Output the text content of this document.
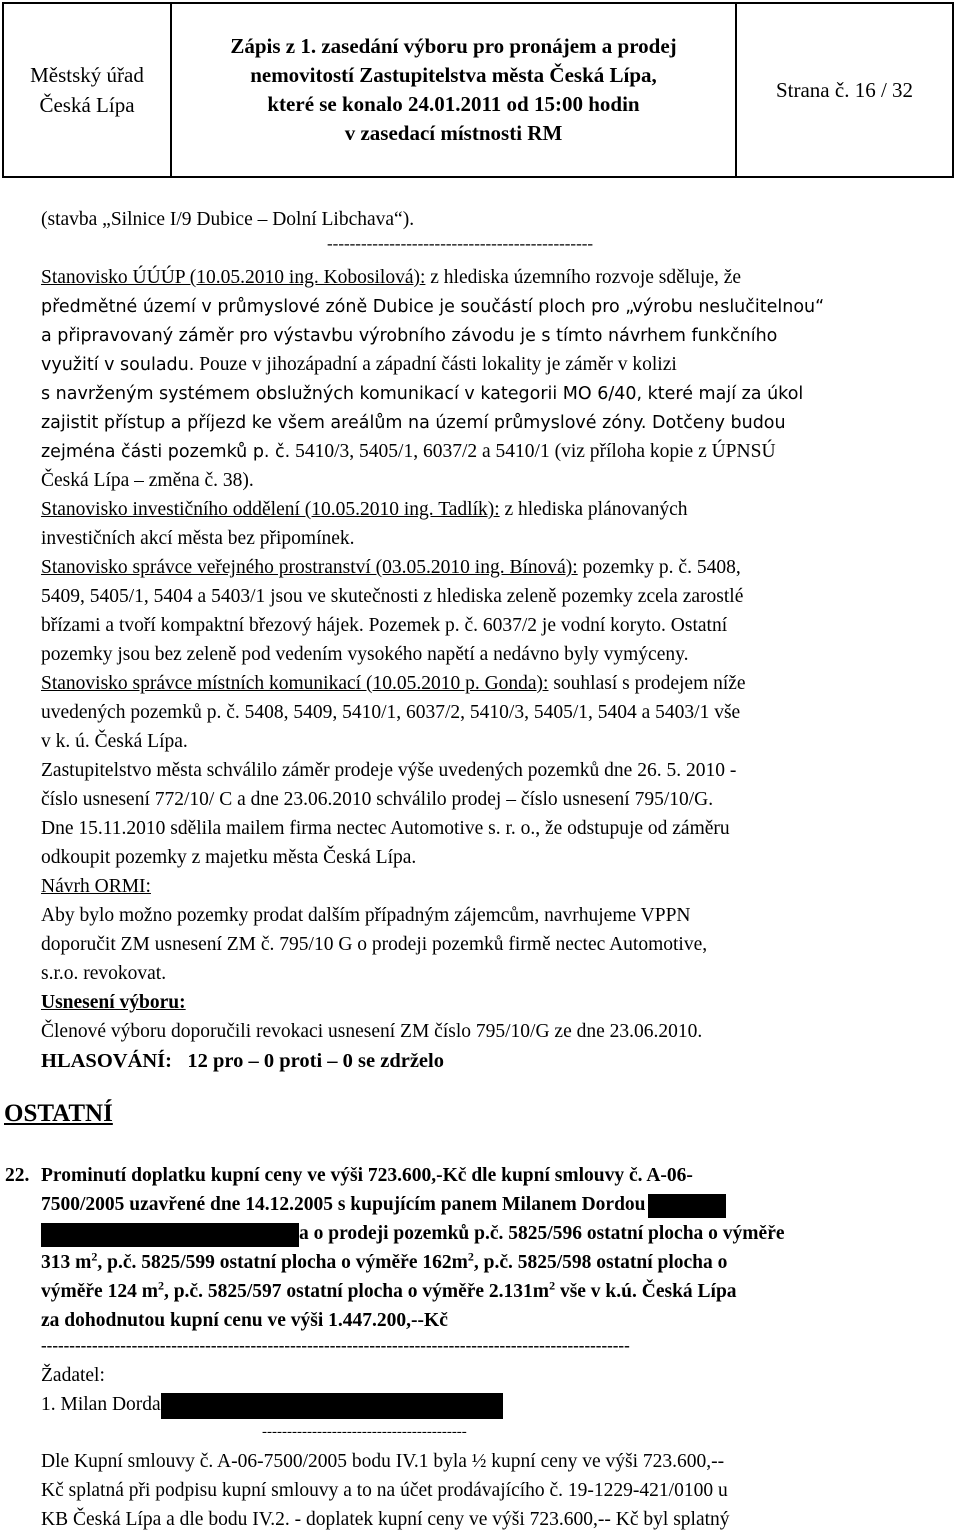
Městský úřad
Česká Lípa
Zápis z 1. zasedání výboru pro pronájem a prodej
nemovitostí Zastupitelstva města Česká Lípa,
které se konalo 24.01.2011 od 15:00 hodin
v zasedací místnosti RM
Strana č. 16 / 32
(stavba „Silnice I/9 Dubice – Dolní Libchava“).
-----------------------------------------------
Stanovisko ÚÚÚP (10.05.2010 ing. Kobosilová): z hlediska územního rozvoje sděluje, že
předmětné území v průmyslové zóně Dubice je součástí ploch pro „výrobu neslučitelnou“
a připravovaný záměr pro výstavbu výrobního závodu je s tímto návrhem funkčního
využití v souladu. Pouze v jihozápadní a západní části lokality je záměr v kolizi
s navrženým systémem obslužných komunikací v kategorii MO 6/40, které mají za úkol
zajistit přístup a příjezd ke všem areálům na území průmyslové zóny. Dotčeny budou
zejména části pozemků p. č. 5410/3, 5405/1, 6037/2 a 5410/1 (viz příloha kopie z ÚPNSÚ
Česká Lípa – změna č. 38).
Stanovisko investičního oddělení (10.05.2010 ing. Tadlík): z hlediska plánovaných
investičních akcí města bez připomínek.
Stanovisko správce veřejného prostranství (03.05.2010 ing. Bínová): pozemky p. č. 5408,
5409, 5405/1, 5404 a 5403/1 jsou ve skutečnosti z hlediska zeleně pozemky zcela zarostlé
břízami a tvoří kompaktní březový hájek. Pozemek p. č. 6037/2 je vodní koryto. Ostatní
pozemky jsou bez zeleně pod vedením vysokého napětí a nedávno byly vymýceny.
Stanovisko správce místních komunikací (10.05.2010 p. Gonda): souhlasí s prodejem níže
uvedených pozemků p. č. 5408, 5409, 5410/1, 6037/2, 5410/3, 5405/1, 5404 a 5403/1 vše
v k. ú. Česká Lípa.
Zastupitelstvo města schválilo záměr prodeje výše uvedených pozemků dne 26. 5. 2010 -
číslo usnesení 772/10/ C a dne 23.06.2010 schválilo prodej – číslo usnesení 795/10/G.
Dne 15.11.2010 sdělila mailem firma nectec Automotive s. r. o., že odstupuje od záměru
odkoupit pozemky z majetku města Česká Lípa.
Návrh ORMI:
Aby bylo možno pozemky prodat dalším případným zájemcům, navrhujeme VPPN
doporučit ZM usnesení ZM č. 795/10 G o prodeji pozemků firmě nectec Automotive,
s.r.o. revokovat.
Usnesení výboru:
Členové výboru doporučili revokaci usnesení ZM číslo 795/10/G ze dne 23.06.2010.
HLASOVÁNÍ:   12 pro – 0 proti – 0 se zdrželo
OSTATNÍ
22. Prominutí doplatku kupní ceny ve výši 723.600,-Kč dle kupní smlouvy č. A-06-
7500/2005 uzavřené dne 14.12.2005 s kupujícím panem Milanem Dordou
a o prodeji pozemků p.č. 5825/596 ostatní plocha o výměře
313 $m^2$, p.č. 5825/599 ostatní plocha o výměře $162m^2$, p.č. 5825/598 ostatní plocha o
výměře 124 $m^2$, p.č. 5825/597 ostatní plocha o výměře $2.131m^2$ vše v k.ú. Česká Lípa
za dohodnutou kupní cenu ve výši 1.447.200,--Kč
--------------------------------------------------------------------------------------------------------
Žadatel:
1. Milan Dorda
-----------------------------------------
Dle Kupní smlouvy č. A-06-7500/2005 bodu IV.1 byla ½ kupní ceny ve výši 723.600,--
Kč splatná při podpisu kupní smlouvy a to na účet prodávajícího č. 19-1229-421/0100 u
KB Česká Lípa a dle bodu IV.2. - doplatek kupní ceny ve výši 723.600,-- Kč byl splatný
